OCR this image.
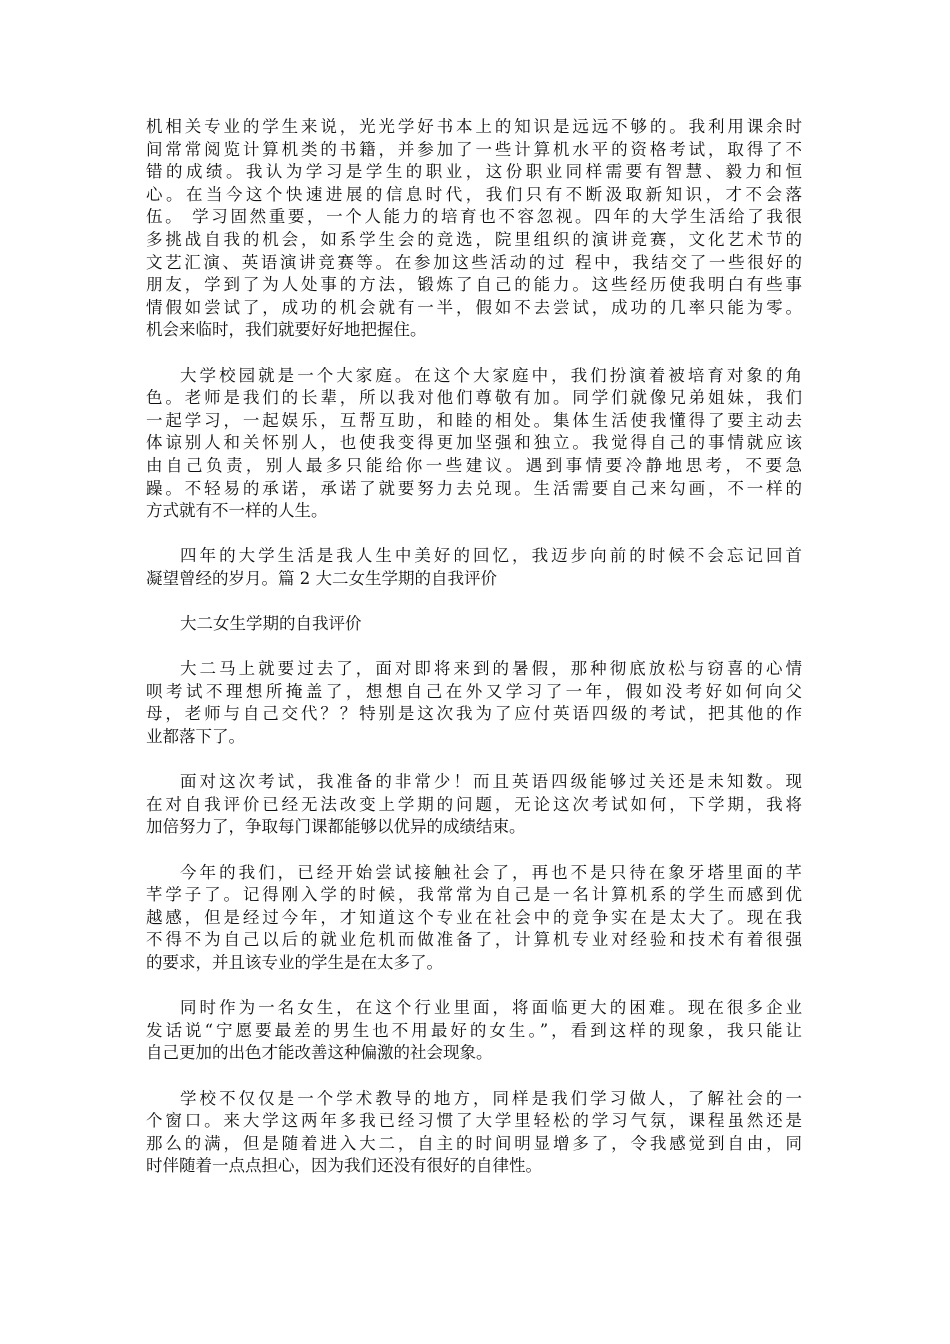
机相关专业的学生来说，光光学好书本上的知识是远远不够的。我利用课余时
间常常阅览计算机类的书籍，并参加了一些计算机水平的资格考试，取得了不
错的成绩。我认为学习是学生的职业，这份职业同样需要有智慧、毅力和恒
心。在当今这个快速进展的信息时代，我们只有不断汲取新知识，才不会落
伍。 学习固然重要，一个人能力的培育也不容忽视。四年的大学生活给了我很
多挑战自我的机会，如系学生会的竞选，院里组织的演讲竞赛，文化艺术节的
文艺汇演、英语演讲竞赛等。在参加这些活动的过 程中，我结交了一些很好的
朋友，学到了为人处事的方法，锻炼了自己的能力。这些经历使我明白有些事
情假如尝试了，成功的机会就有一半，假如不去尝试，成功的几率只能为零。
机会来临时，我们就要好好地把握住。
大学校园就是一个大家庭。在这个大家庭中，我们扮演着被培育对象的角
色。老师是我们的长辈，所以我对他们尊敬有加。同学们就像兄弟姐妹，我们
一起学习，一起娱乐，互帮互助，和睦的相处。集体生活使我懂得了要主动去
体谅别人和关怀别人，也使我变得更加坚强和独立。我觉得自己的事情就应该
由自己负责，别人最多只能给你一些建议。遇到事情要冷静地思考，不要急
躁。不轻易的承诺，承诺了就要努力去兑现。生活需要自己来勾画，不一样的
方式就有不一样的人生。
四年的大学生活是我人生中美好的回忆，我迈步向前的时候不会忘记回首
凝望曾经的岁月。篇 2 大二女生学期的自我评价
大二女生学期的自我评价
大二马上就要过去了，面对即将来到的暑假，那种彻底放松与窃喜的心情
呗考试不理想所掩盖了，想想自己在外又学习了一年，假如没考好如何向父
母，老师与自己交代？？特别是这次我为了应付英语四级的考试，把其他的作
业都落下了。
面对这次考试，我准备的非常少！而且英语四级能够过关还是未知数。现
在对自我评价已经无法改变上学期的问题，无论这次考试如何，下学期，我将
加倍努力了，争取每门课都能够以优异的成绩结束。
今年的我们，已经开始尝试接触社会了，再也不是只待在象牙塔里面的芊
芊学子了。记得刚入学的时候，我常常为自己是一名计算机系的学生而感到优
越感，但是经过今年，才知道这个专业在社会中的竞争实在是太大了。现在我
不得不为自己以后的就业危机而做准备了，计算机专业对经验和技术有着很强
的要求，并且该专业的学生是在太多了。
同时作为一名女生，在这个行业里面，将面临更大的困难。现在很多企业
发话说“宁愿要最差的男生也不用最好的女生。”，看到这样的现象，我只能让
自己更加的出色才能改善这种偏激的社会现象。
学校不仅仅是一个学术教导的地方，同样是我们学习做人，了解社会的一
个窗口。来大学这两年多我已经习惯了大学里轻松的学习气氛，课程虽然还是
那么的满，但是随着进入大二，自主的时间明显增多了，令我感觉到自由，同
时伴随着一点点担心，因为我们还没有很好的自律性。
